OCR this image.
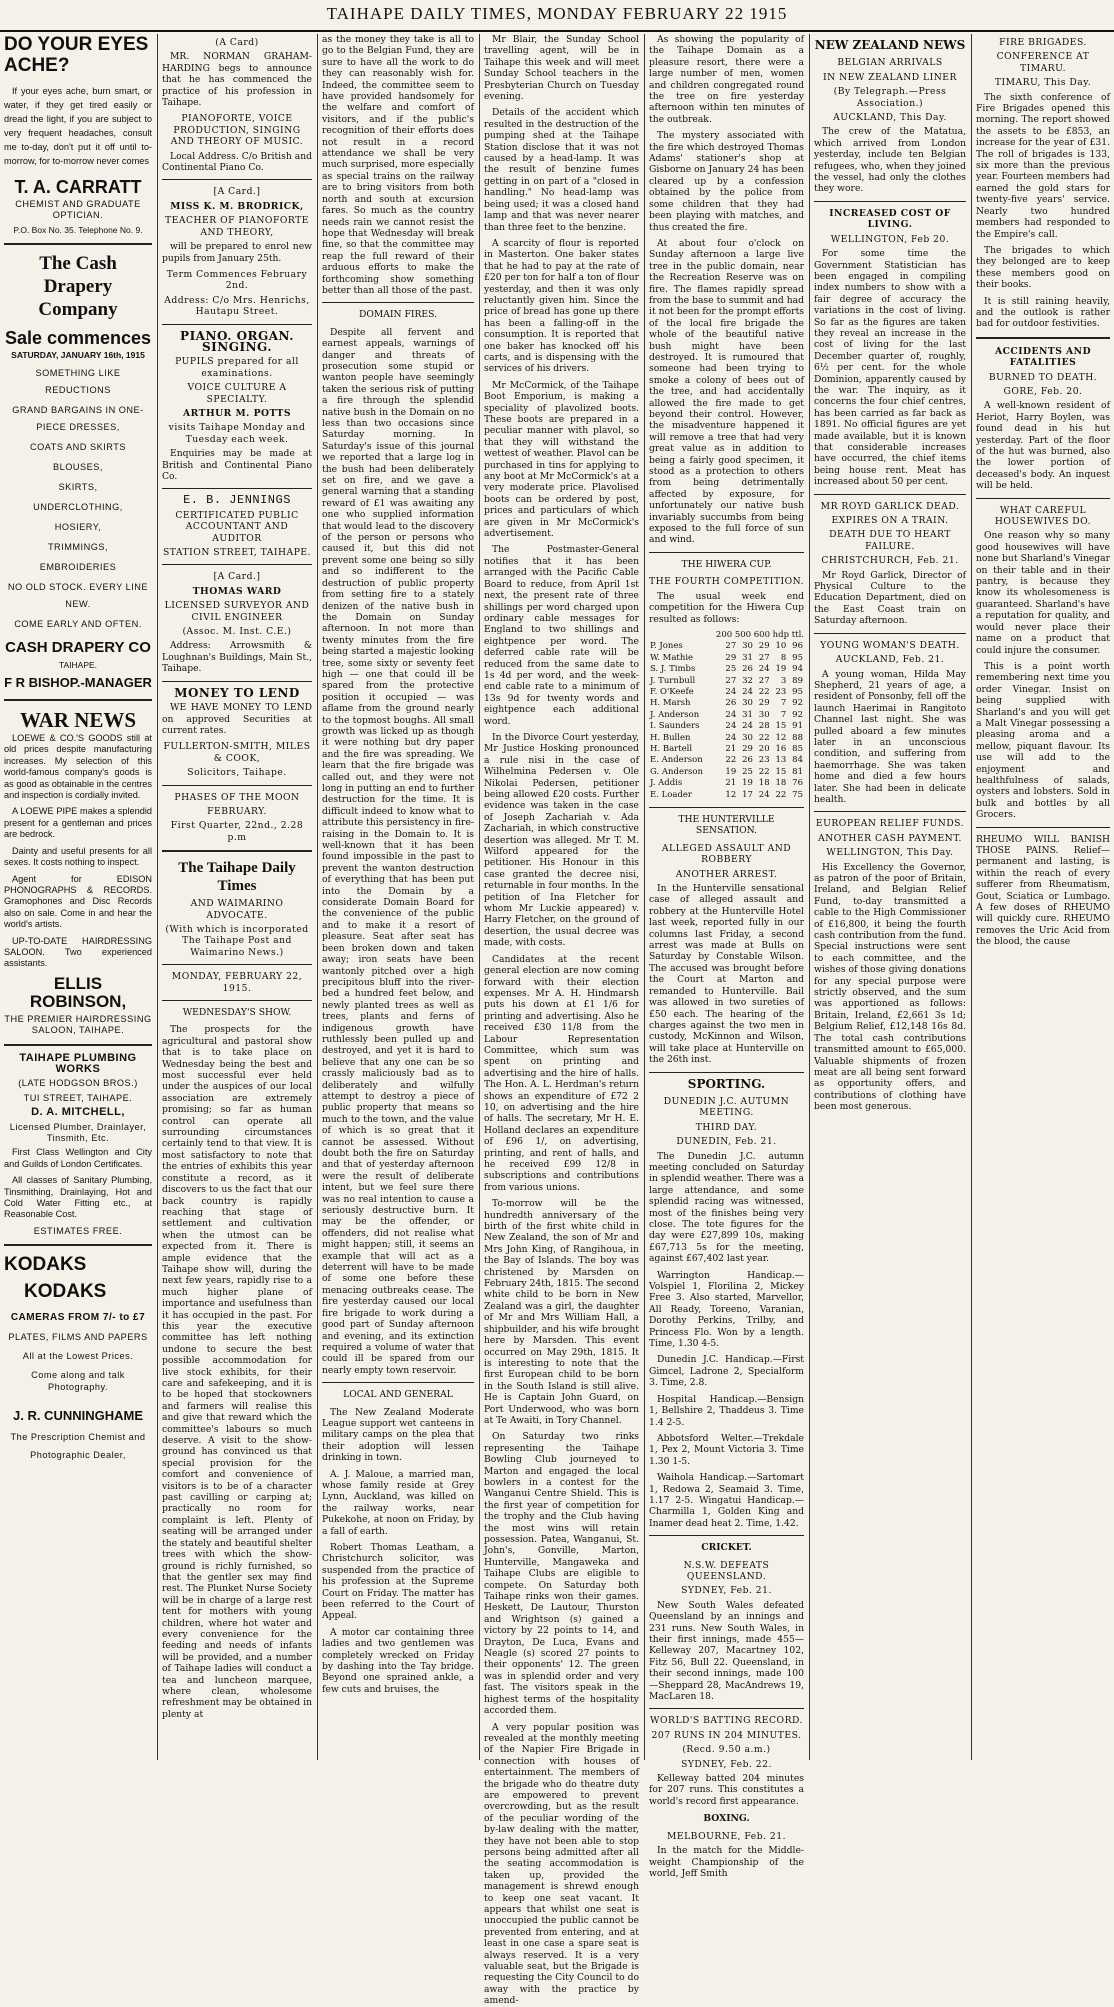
TAIHAPE DAILY TIMES, MONDAY FEBRUARY 22 1915
DO YOUR EYES ACHE?

If your eyes ache, burn smart, or water, if they get tired easily or dread the light, if you are subject to very frequent headaches, consult me to-day, don't put it off until to-morrow, for to-morrow never comes

T. A. CARRATT
CHEMIST AND GRADUATE OPTICIAN.
P.O. Box No. 35. Telephone No. 9.
The Cash Drapery Company
Sale commences
SATURDAY, JANUARY 16th, 1915
SOMETHING LIKE REDUCTIONS
GRAND BARGAINS IN ONE-PIECE DRESSES,
COATS AND SKIRTS
BLOUSES,
SKIRTS,
UNDERCLOTHING,
HOSIERY,
TRIMMINGS,
EMBROIDERIES
NO OLD STOCK. EVERY LINE NEW.
COME EARLY AND OFTEN.
CASH DRAPERY CO
TAIHAPE.
F R BISHOP.-MANAGER
WAR NEWS

LOEWE & CO.'S GOODS still at old prices despite manufacturing increases. My selection of this world-famous company's goods is as good as obtainable in the centres and inspection is cordially invited.

A LOEWE PIPE makes a splendid present for a gentleman and prices are bedrock.

Dainty and useful presents for all sexes. It costs nothing to inspect.

Agent for EDISON PHONOGRAPHS & RECORDS. Gramophones and Disc Records also on sale. Come in and hear the world's artists.

UP-TO-DATE HAIRDRESSING SALOON. Two experienced assistants.

ELLIS ROBINSON,
THE PREMIER HAIRDRESSING SALOON, TAIHAPE.
TAIHAPE PLUMBING WORKS
(LATE HODGSON BROS.)
TUI STREET, TAIHAPE.
D. A. MITCHELL,
Licensed Plumber, Drainlayer, Tinsmith, Etc.

First Class Wellington and City and Guilds of London Certificates.

All classes of Sanitary Plumbing, Tinsmithing, Drainlaying, Hot and Cold Water Fitting etc., at Reasonable Cost.

ESTIMATES FREE.
KODAKS
KODAKS
CAMERAS FROM 7/- to £7
PLATES, FILMS AND PAPERS
All at the Lowest Prices.
Come along and talk Photography.
J. R. CUNNINGHAME
The Prescription Chemist and Photographic Dealer,
(A Card)

MR. NORMAN GRAHAM-HARDING begs to announce that he has commenced the practice of his profession in Taihape.

PIANOFORTE, VOICE PRODUCTION, SINGING AND THEORY OF MUSIC.

Local Address. C/o British and Continental Piano Co.

[A Card.]
MISS K. M. BRODRICK,
TEACHER OF PIANOFORTE AND THEORY,

will be prepared to enrol new pupils from January 25th.

Term Commences February 2nd.
Address: C/o Mrs. Henrichs, Hautapu Street.
PIANO. ORGAN. SINGING.
PUPILS prepared for all examinations.
VOICE CULTURE A SPECIALTY.
ARTHUR M. POTTS
visits Taihape Monday and Tuesday each week.

Enquiries may be made at British and Continental Piano Co.

E. B. JENNINGS
CERTIFICATED PUBLIC ACCOUNTANT AND AUDITOR
STATION STREET, TAIHAPE.
[A Card.]
THOMAS WARD
LICENSED SURVEYOR AND CIVIL ENGINEER
(Assoc. M. Inst. C.E.)

Address: Arrowsmith & Loughnan's Buildings, Main St., Taihape.

MONEY TO LEND

WE HAVE MONEY TO LEND on approved Securities at current rates.

FULLERTON-SMITH, MILES & COOK,
Solicitors, Taihape.
PHASES OF THE MOON
FEBRUARY.
First Quarter, 22nd., 2.28 p.m
The Taihape Daily Times
AND WAIMARINO ADVOCATE.
(With which is incorporated The Taihape Post and Waimarino News.)
MONDAY, FEBRUARY 22, 1915.
WEDNESDAY'S SHOW.

The prospects for the agricultural and pastoral show that is to take place on Wednesday being the best and most successful ever held under the auspices of our local association are extremely promising; so far as human control can operate all surrounding circumstances certainly tend to that view. It is most satisfactory to note that the entries of exhibits this year constitute a record, as it discovers to us the fact that our back country is rapidly reaching that stage of settlement and cultivation when the utmost can be expected from it. There is ample evidence that the Taihape show will, during the next few years, rapidly rise to a much higher plane of importance and usefulness than it has occupied in the past. For this year the executive committee has left nothing undone to secure the best possible accommodation for live stock exhibits, for their care and safekeeping, and it is to be hoped that stockowners and farmers will realise this and give that reward which the committee's labours so much deserve. A visit to the show-ground has convinced us that special provision for the comfort and convenience of visitors is to be of a character past cavilling or carping at; practically no room for complaint is left. Plenty of seating will be arranged under the stately and beautiful shelter trees with which the show-ground is richly furnished, so that the gentler sex may find rest. The Plunket Nurse Society will be in charge of a large rest tent for mothers with young children, where hot water and every convenience for the feeding and needs of infants will be provided, and a number of Taihape ladies will conduct a tea and luncheon marquee, where clean, wholesome refreshment may be obtained in plenty at

as the money they take is all to go to the Belgian Fund, they are sure to have all the work to do they can reasonably wish for. Indeed, the committee seem to have provided handsomely for the welfare and comfort of visitors, and if the public's recognition of their efforts does not result in a record attendance we shall be very much surprised, more especially as special trains on the railway are to bring visitors from both north and south at excursion fares. So much as the country needs rain we cannot resist the hope that Wednesday will break fine, so that the committee may reap the full reward of their arduous efforts to make the forthcoming show something better than all those of the past.

DOMAIN FIRES.

Despite all fervent and earnest appeals, warnings of danger and threats of prosecution some stupid or wanton people have seemingly taken the serious risk of putting a fire through the splendid native bush in the Domain on no less than two occasions since Saturday morning. In Saturday's issue of this journal we reported that a large log in the bush had been deliberately set on fire, and we gave a general warning that a standing reward of £1 was awaiting any one who supplied information that would lead to the discovery of the person or persons who caused it, but this did not prevent some one being so silly and so indifferent to the destruction of public property from setting fire to a stately denizen of the native bush in the Domain on Sunday afternoon. In not more than twenty minutes from the fire being started a majestic looking tree, some sixty or seventy feet high — one that could ill be spared from the protective position it occupied — was aflame from the ground nearly to the topmost boughs. All small growth was licked up as though it were nothing but dry paper and the fire was spreading. We learn that the fire brigade was called out, and they were not long in putting an end to further destruction for the time. It is difficult indeed to know what to attribute this persistency in fire-raising in the Domain to. It is well-known that it has been found impossible in the past to prevent the wanton destruction of everything that has been put into the Domain by a considerate Domain Board for the convenience of the public and to make it a resort of pleasure. Seat after seat has been broken down and taken away; iron seats have been wantonly pitched over a high precipitous bluff into the river-bed a hundred feet below, and newly planted trees as well as trees, plants and ferns of indigenous growth have ruthlessly been pulled up and destroyed, and yet it is hard to believe that any one can be so crassly maliciously bad as to deliberately and wilfully attempt to destroy a piece of public property that means so much to the town, and the value of which is so great that it cannot be assessed. Without doubt both the fire on Saturday and that of yesterday afternoon were the result of deliberate intent, but we feel sure there was no real intention to cause a seriously destructive burn. It may be the offender, or offenders, did not realise what might happen; still, it seems an example that will act as a deterrent will have to be made of some one before these menacing outbreaks cease. The fire yesterday caused our local fire brigade to work during a good part of Sunday afternoon and evening, and its extinction required a volume of water that could ill be spared from our nearly empty town reservoir.

LOCAL AND GENERAL

The New Zealand Moderate League support wet canteens in military camps on the plea that their adoption will lessen drinking in town.

A. J. Maloue, a married man, whose family reside at Grey Lynn, Auckland, was killed on the railway works, near Pukekohe, at noon on Friday, by a fall of earth.

Robert Thomas Leatham, a Christchurch solicitor, was suspended from the practice of his profession at the Supreme Court on Friday. The matter has been referred to the Court of Appeal.

A motor car containing three ladies and two gentlemen was completely wrecked on Friday by dashing into the Tay bridge. Beyond one sprained ankle, a few cuts and bruises, the

Mr Blair, the Sunday School travelling agent, will be in Taihape this week and will meet Sunday School teachers in the Presbyterian Church on Tuesday evening.

Details of the accident which resulted in the destruction of the pumping shed at the Taihape Station disclose that it was not caused by a head-lamp. It was the result of benzine fumes getting in on part of a "closed in handling." No head-lamp was being used; it was a closed hand lamp and that was never nearer than three feet to the benzine.

A scarcity of flour is reported in Masterton. One baker states that he had to pay at the rate of £20 per ton for half a ton of flour yesterday, and then it was only reluctantly given him. Since the price of bread has gone up there has been a falling-off in the consumption. It is reported that one baker has knocked off his carts, and is dispensing with the services of his drivers.

Mr McCormick, of the Taihape Boot Emporium, is making a speciality of plavolized boots. These boots are prepared in a peculiar manner with plavol, so that they will withstand the wettest of weather. Plavol can be purchased in tins for applying to any boot at Mr McCormick's at a very moderate price. Plavolised boots can be ordered by post, prices and particulars of which are given in Mr McCormick's advertisement.

The Postmaster-General notifies that it has been arranged with the Pacific Cable Board to reduce, from April 1st next, the present rate of three shillings per word charged upon ordinary cable messages for England to two shillings and eightpence per word. The deferred cable rate will be reduced from the same date to 1s 4d per word, and the week-end cable rate to a minimum of 13s 9d for twenty words and eightpence each additional word.

In the Divorce Court yesterday, Mr Justice Hosking pronounced a rule nisi in the case of Wilhelmina Pedersen v. Ole Nikolai Pedersen, petitioner being allowed £20 costs. Further evidence was taken in the case of Joseph Zachariah v. Ada Zachariah, in which constructive desertion was alleged. Mr T. M. Wilford appeared for the petitioner. His Honour in this case granted the decree nisi, returnable in four months. In the petition of Ina Fletcher for whom Mr Luckie appeared) v. Harry Fletcher, on the ground of desertion, the usual decree was made, with costs.

Candidates at the recent general election are now coming forward with their election expenses. Mr A. H. Hindmarsh puts his down at £1 1/6 for printing and advertising. Also he received £30 11/8 from the Labour Representation Committee, which sum was spent on printing and advertising and the hire of halls. The Hon. A. L. Herdman's return shows an expenditure of £72 2 10, on advertising and the hire of halls. The secretary, Mr H. E. Holland declares an expenditure of £96 1/, on advertising, printing, and rent of halls, and he received £99 12/8 in subscriptions and contributions from various unions.

To-morrow will be the hundredth anniversary of the birth of the first white child in New Zealand, the son of Mr and Mrs John King, of Rangihoua, in the Bay of Islands. The boy was christened by Marsden on February 24th, 1815. The second white child to be born in New Zealand was a girl, the daughter of Mr and Mrs William Hall, a shipbuilder, and his wife brought here by Marsden. This event occurred on May 29th, 1815. It is interesting to note that the first European child to be born in the South Island is still alive. He is Captain John Guard, on Port Underwood, who was born at Te Awaiti, in Tory Channel.

On Saturday two rinks representing the Taihape Bowling Club journeyed to Marton and engaged the local bowlers in a contest for the Wanganui Centre Shield. This is the first year of competition for the trophy and the Club having the most wins will retain possession. Patea, Wanganui, St. John's, Gonville, Marton, Hunterville, Mangaweka and Taihape Clubs are eligible to compete. On Saturday both Taihape rinks won their games. Heskett, De Lautour, Thurston and Wrightson (s) gained a victory by 22 points to 14, and Drayton, De Luca, Evans and Neagle (s) scored 27 points to their opponents' 12. The green was in splendid order and very fast. The visitors speak in the highest terms of the hospitality accorded them.

A very popular position was revealed at the monthly meeting of the Napier Fire Brigade in connection with houses of entertainment. The members of the brigade who do theatre duty are empowered to prevent overcrowding, but as the result of the peculiar wording of the by-law dealing with the matter, they have not been able to stop persons being admitted after all the seating accommodation is taken up, provided the management is shrewd enough to keep one seat vacant. It appears that whilst one seat is unoccupied the public cannot be prevented from entering, and at least in one case a spare seat is always reserved. It is a very valuable seat, but the Brigade is requesting the City Council to do away with the practice by amend-

As showing the popularity of the Taihape Domain as a pleasure resort, there were a large number of men, women and children congregated round the tree on fire yesterday afternoon within ten minutes of the outbreak.

The mystery associated with the fire which destroyed Thomas Adams' stationer's shop at Gisborne on January 24 has been cleared up by a confession obtained by the police from some children that they had been playing with matches, and thus created the fire.

At about four o'clock on Sunday afternoon a large live tree in the public domain, near the Recreation Reserve was on fire. The flames rapidly spread from the base to summit and had it not been for the prompt efforts of the local fire brigade the whole of the beautiful native bush might have been destroyed. It is rumoured that someone had been trying to smoke a colony of bees out of the tree, and had accidentally allowed the fire made to get beyond their control. However, the misadventure happened it will remove a tree that had very great value as in addition to being a fairly good specimen, it stood as a protection to others from being detrimentally affected by exposure, for unfortunately our native bush invariably succumbs from being exposed to the full force of sun and wind.

THE HIWERA CUP.
THE FOURTH COMPETITION.

The usual week end competition for the Hiwera Cup resulted as follows:

200 500 600 hdp ttl.
P. Jones	27	30	29	10	96
W. Mathie	29	31	27	8	95
S. J. Timbs	25	26	24	19	94
J. Turnbull	27	32	27	3	89
F. O'Keefe	24	24	22	23	95
H. Marsh	26	30	29	7	92
J. Anderson	24	31	30	7	92
I. Saunders	24	24	28	15	91
H. Bullen	24	30	22	12	88
H. Bartell	21	29	20	16	85
E. Anderson	22	26	23	13	84
G. Anderson	19	25	22	15	81
J. Addis	21	19	18	18	76
E. Loader	12	17	24	22	75
THE HUNTERVILLE SENSATION.
ALLEGED ASSAULT AND ROBBERY
ANOTHER ARREST.

In the Hunterville sensational case of alleged assault and robbery at the Hunterville Hotel last week, reported fully in our columns last Friday, a second arrest was made at Bulls on Saturday by Constable Wilson. The accused was brought before the Court at Marton and remanded to Hunterville. Bail was allowed in two sureties of £50 each. The hearing of the charges against the two men in custody, McKinnon and Wilson, will take place at Hunterville on the 26th inst.

SPORTING.
DUNEDIN J.C. AUTUMN MEETING.
THIRD DAY.
DUNEDIN, Feb. 21.

The Dunedin J.C. autumn meeting concluded on Saturday in splendid weather. There was a large attendance, and some splendid racing was witnessed, most of the finishes being very close. The tote figures for the day were £27,899 10s, making £67,713 5s for the meeting, against £67,402 last year.

Warrington Handicap.—Volspiel 1, Florilina 2, Mickey Free 3. Also started, Marvellor, All Ready, Toreeno, Varanian, Dorothy Perkins, Trilby, and Princess Flo. Won by a length. Time, 1.30 4-5.

Dunedin J.C. Handicap.—First Gimcel, Ladrone 2, Specialform 3. Time, 2.8.

Hospital Handicap.—Bensign 1, Bellshire 2, Thaddeus 3. Time 1.4 2-5.

Abbotsford Welter.—Trekdale 1, Pex 2, Mount Victoria 3. Time 1.30 1-5.

Waihola Handicap.—Sartomart 1, Redowa 2, Seamaid 3. Time, 1.17 2-5. Wingatui Handicap.—Charmilla 1, Golden King and Inamer dead heat 2. Time, 1.42.

CRICKET.
N.S.W. DEFEATS QUEENSLAND.
SYDNEY, Feb. 21.

New South Wales defeated Queensland by an innings and 231 runs. New South Wales, in their first innings, made 455—Kelleway 207, Macartney 102, Fitz 56, Bull 22. Queensland, in their second innings, made 100—Sheppard 28, MacAndrews 19, MacLaren 18.

WORLD'S BATTING RECORD.
207 RUNS IN 204 MINUTES.
(Recd. 9.50 a.m.)
SYDNEY, Feb. 22.

Kelleway batted 204 minutes for 207 runs. This constitutes a world's record first appearance.

BOXING.
MELBOURNE, Feb. 21.

In the match for the Middle-weight Championship of the world, Jeff Smith

NEW ZEALAND NEWS
BELGIAN ARRIVALS
IN NEW ZEALAND LINER
(By Telegraph.—Press Association.)
AUCKLAND, This Day.

The crew of the Matatua, which arrived from London yesterday, include ten Belgian refugees, who, when they joined the vessel, had only the clothes they wore.

INCREASED COST OF LIVING.
WELLINGTON, Feb 20.

For some time the Government Statistician has been engaged in compiling index numbers to show with a fair degree of accuracy the variations in the cost of living. So far as the figures are taken they reveal an increase in the cost of living for the last December quarter of, roughly, 6½ per cent. for the whole Dominion, apparently caused by the war. The inquiry, as it concerns the four chief centres, has been carried as far back as 1891. No official figures are yet made available, but it is known that considerable increases have occurred, the chief items being house rent. Meat has increased about 50 per cent.

MR ROYD GARLICK DEAD.
EXPIRES ON A TRAIN.
DEATH DUE TO HEART FAILURE.
CHRISTCHURCH, Feb. 21.

Mr Royd Garlick, Director of Physical Culture to the Education Department, died on the East Coast train on Saturday afternoon.

YOUNG WOMAN'S DEATH.
AUCKLAND, Feb. 21.

A young woman, Hilda May Shepherd, 21 years of age, a resident of Ponsonby, fell off the launch Haerimai in Rangitoto Channel last night. She was pulled aboard a few minutes later in an unconscious condition, and suffering from haemorrhage. She was taken home and died a few hours later. She had been in delicate health.

EUROPEAN RELIEF FUNDS.
ANOTHER CASH PAYMENT.
WELLINGTON, This Day.

His Excellency the Governor, as patron of the poor of Britain, Ireland, and Belgian Relief Fund, to-day transmitted a cable to the High Commissioner of £16,800, it being the fourth cash contribution from the fund. Special instructions were sent to each committee, and the wishes of those giving donations for any special purpose were strictly observed, and the sum was apportioned as follows: Britain, Ireland, £2,661 3s 1d; Belgium Relief, £12,148 16s 8d. The total cash contributions transmitted amount to £65,000. Valuable shipments of frozen meat are all being sent forward as opportunity offers, and contributions of clothing have been most generous.

FIRE BRIGADES.
CONFERENCE AT TIMARU.
TIMARU, This Day.

The sixth conference of Fire Brigades opened this morning. The report showed the assets to be £853, an increase for the year of £31. The roll of brigades is 133, six more than the previous year. Fourteen members had earned the gold stars for twenty-five years' service. Nearly two hundred members had responded to the Empire's call.

The brigades to which they belonged are to keep these members good on their books.

It is still raining heavily, and the outlook is rather bad for outdoor festivities.

ACCIDENTS AND FATALITIES
BURNED TO DEATH.
GORE, Feb. 20.

A well-known resident of Heriot, Harry Boylen, was found dead in his hut yesterday. Part of the floor of the hut was burned, also the lower portion of deceased's body. An inquest will be held.

WHAT CAREFUL HOUSEWIVES DO.

One reason why so many good housewives will have none but Sharland's Vinegar on their table and in their pantry, is because they know its wholesomeness is guaranteed. Sharland's have a reputation for quality, and would never place their name on a product that could injure the consumer.

This is a point worth remembering next time you order Vinegar. Insist on being supplied with Sharland's and you will get a Malt Vinegar possessing a pleasing aroma and a mellow, piquant flavour. Its use will add to the enjoyment and healthfulness of salads, oysters and lobsters. Sold in bulk and bottles by all Grocers.

RHEUMO WILL BANISH THOSE PAINS. Relief—permanent and lasting, is within the reach of every sufferer from Rheumatism, Gout, Sciatica or Lumbago. A few doses of RHEUMO will quickly cure. RHEUMO removes the Uric Acid from the blood, the cause
